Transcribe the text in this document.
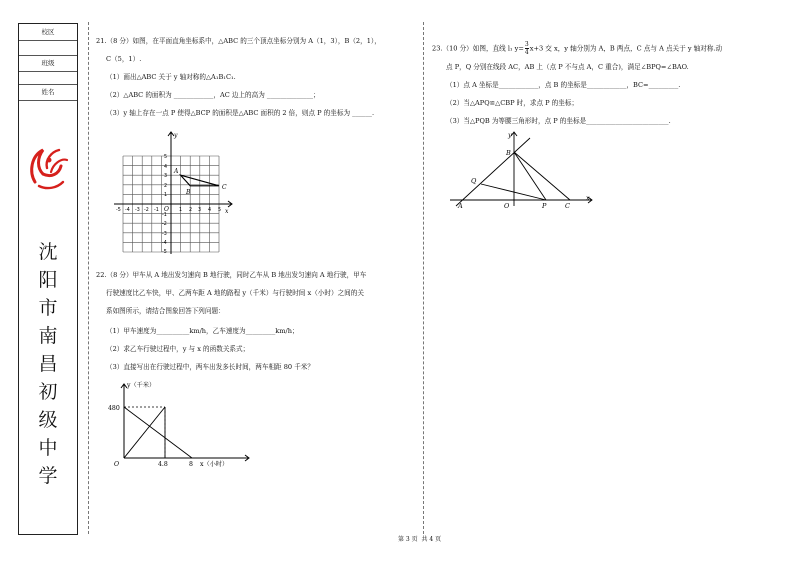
校区
班级
姓名
沈
阳
市
南
昌
初
级
中
学
21.（8 分）如图，在平面直角坐标系中，△ABC 的三个顶点坐标分别为 A（1，3），B（2，1），
C（5，1）.
（1）画出△ABC 关于 y 轴对称的△A₁B₁C₁.
（2）△ABC 的面积为 ____________，AC 边上的高为 ______________；
（3）y 轴上存在一点 P 使得△BCP 的面积是△ABC 面积的 2 倍，则点 P 的坐标为 ______.
y
x
O
A
B
C
-5 -4 -3 -2 -1	1 2 3 4 5
5
4
3
2
1
-1
-2
-3
-4
-5
22.（8 分）甲车从 A 地出发匀速向 B 地行驶，同时乙车从 B 地出发匀速向 A 地行驶，甲车
行驶速度比乙车快，甲、乙两车距 A 地的路程 y（千米）与行驶时间 x（小时）之间的关
系如图所示，请结合图象回答下列问题：
（1）甲车速度为__________km/h，乙车速度为_________km/h；
（2）求乙车行驶过程中，y 与 x 的函数关系式；
（3）直接写出在行驶过程中，两车出发多长时间，两车相距 80 千米？
y（千米）
480
O	4.8	8 x（小时）
23.（10 分）如图，直线 l₁ $y= \frac{3}{4} x+3$ 交 x，y 轴分别为 A，B 两点，C 点与 A 点关于 y 轴对称.动
点 P，Q 分别在线段 AC，AB 上（点 P 不与点 A，C 重合)，满足∠BPQ=∠BAO.
（1）点 A 坐标是____________，点 B 的坐标是____________，BC=_________.
（2）当△APQ≌△CBP 时，求点 P 的坐标；
（3）当△PQB 为等腰三角形时，点 P 的坐标是_________________________.
y
x
B
Q
A	O	P	C
第 3 页 共 4 页
